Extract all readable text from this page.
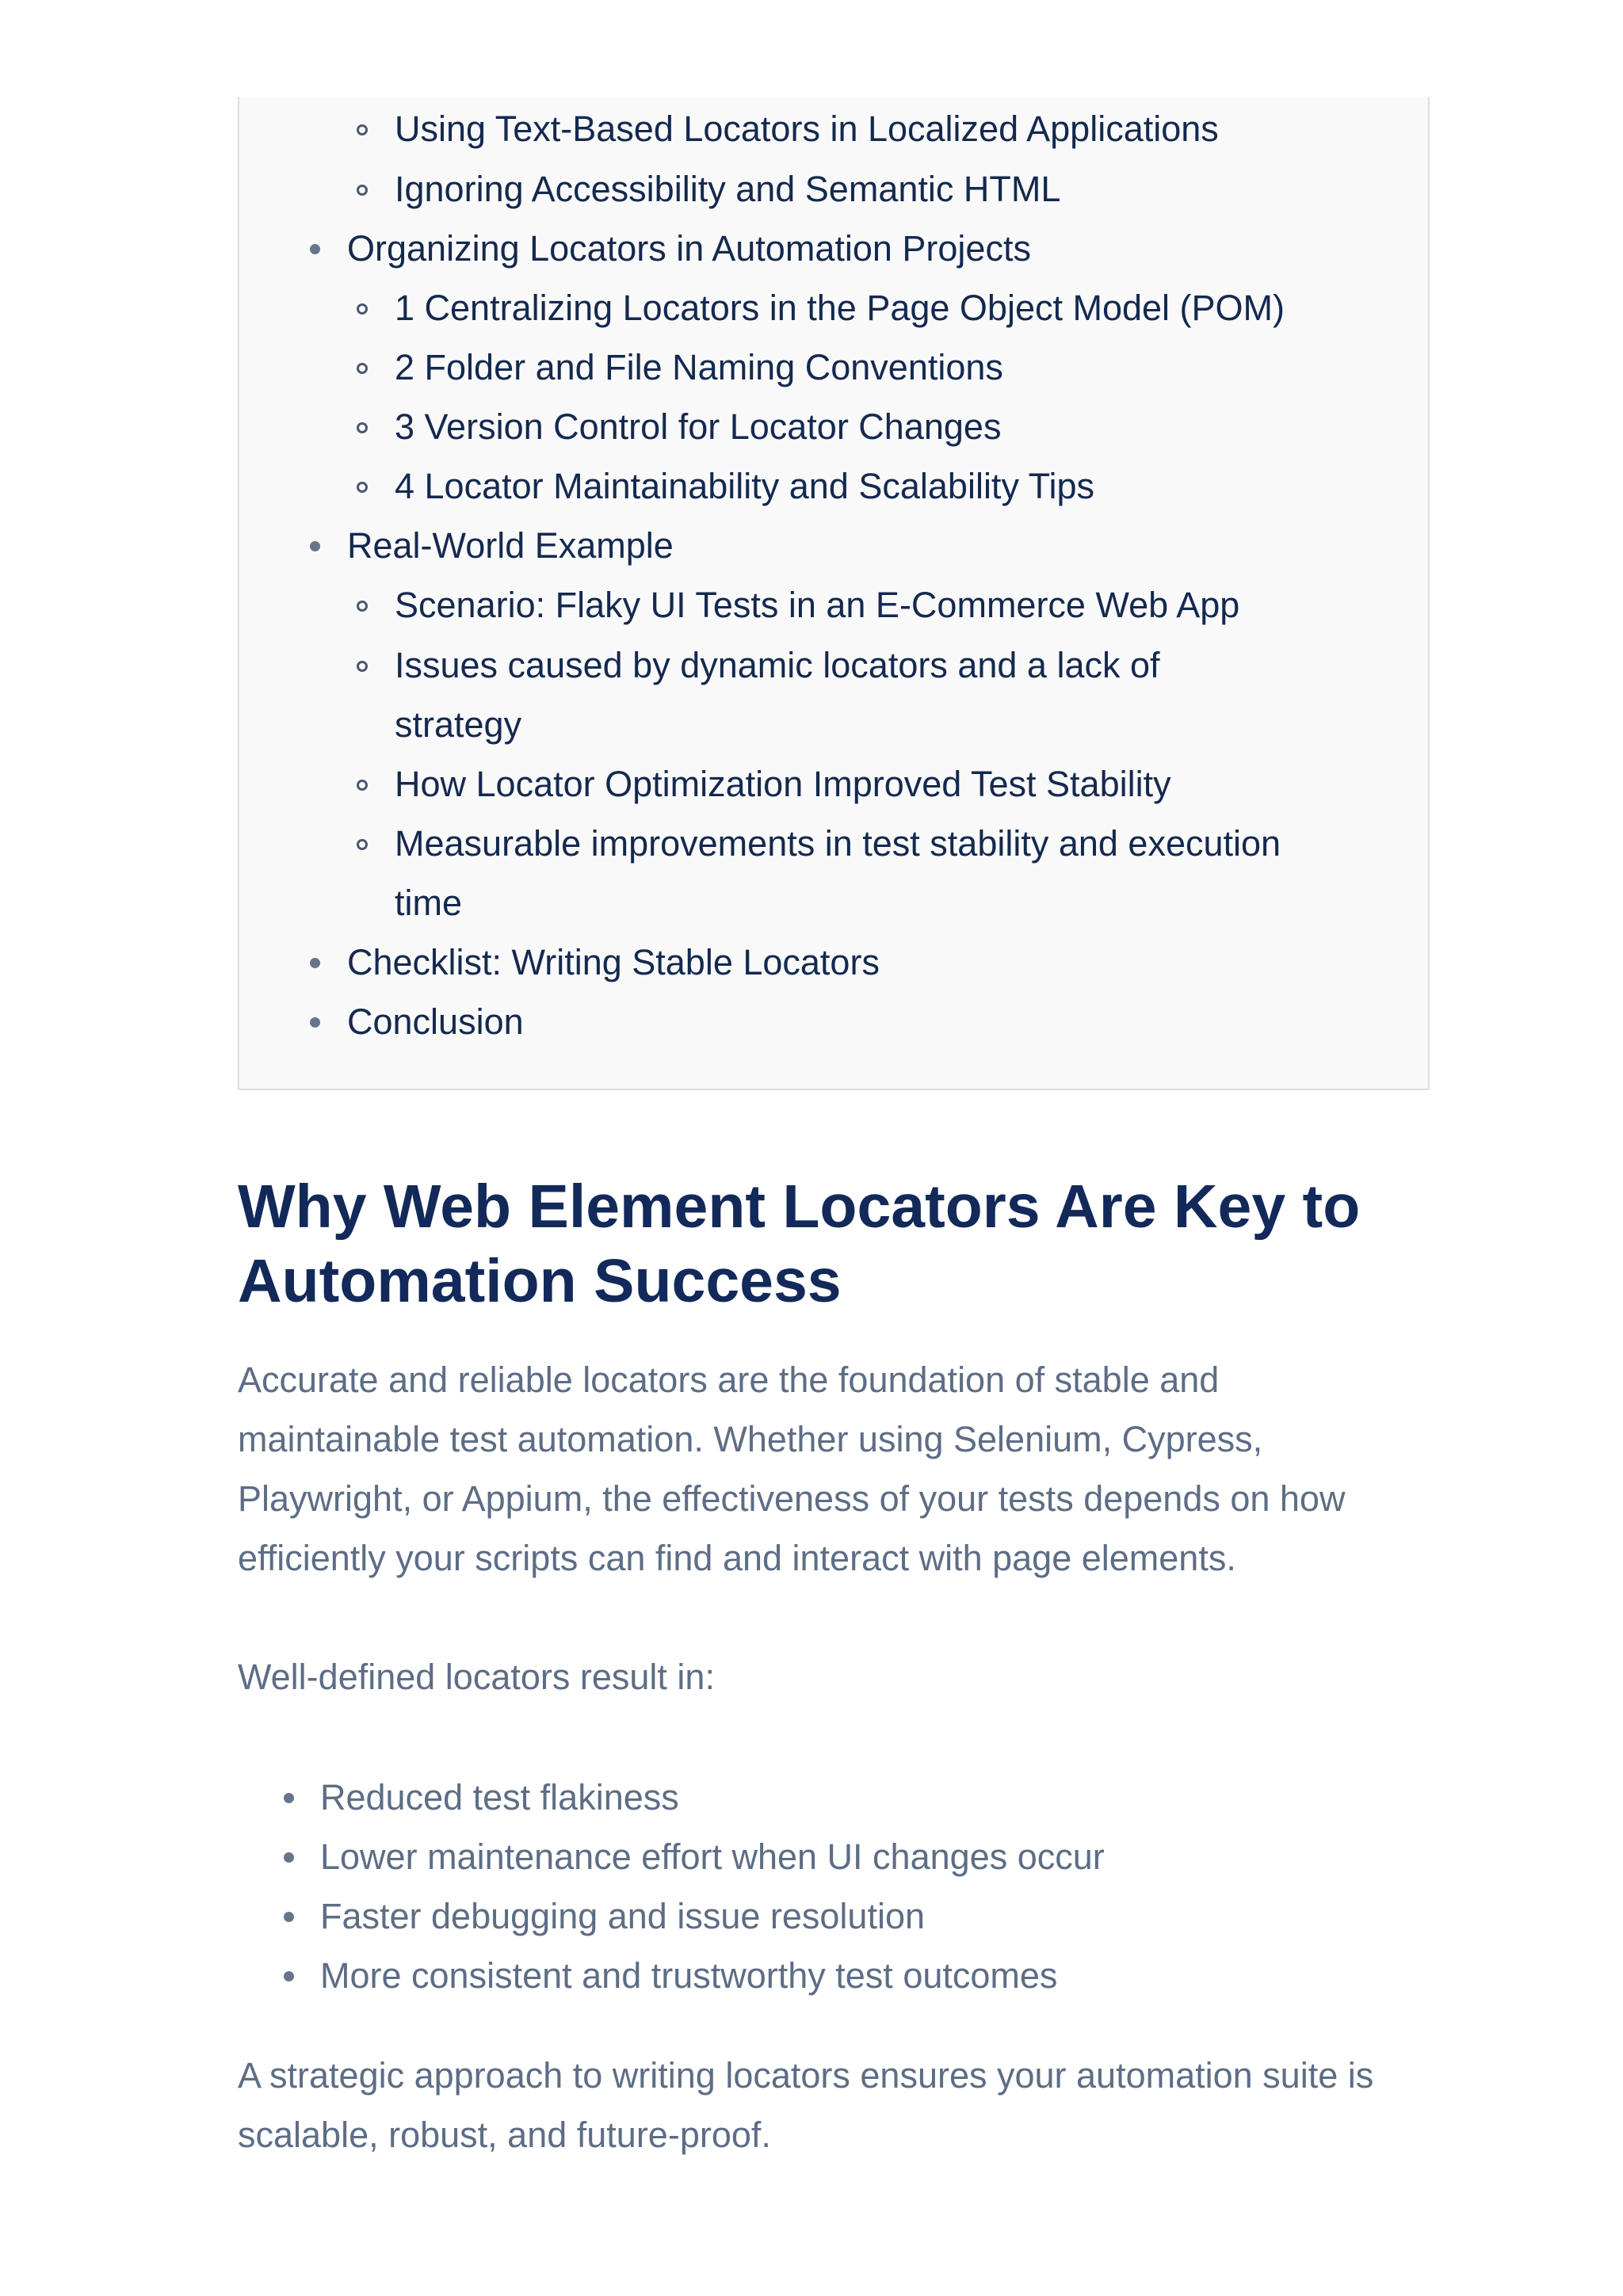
Using Text-Based Locators in Localized Applications
Ignoring Accessibility and Semantic HTML
Organizing Locators in Automation Projects
1 Centralizing Locators in the Page Object Model (POM)
2 Folder and File Naming Conventions
3 Version Control for Locator Changes
4 Locator Maintainability and Scalability Tips
Real-World Example
Scenario: Flaky UI Tests in an E-Commerce Web App
Issues caused by dynamic locators and a lack of
strategy
How Locator Optimization Improved Test Stability
Measurable improvements in test stability and execution
time
Checklist: Writing Stable Locators
Conclusion
Why Web Element Locators Are Key to Automation Success

Accurate and reliable locators are the foundation of stable and maintainable test automation. Whether using Selenium, Cypress, Playwright, or Appium, the effectiveness of your tests depends on how efficiently your scripts can find and interact with page elements.

Well-defined locators result in:

Reduced test flakiness
Lower maintenance effort when UI changes occur
Faster debugging and issue resolution
More consistent and trustworthy test outcomes

A strategic approach to writing locators ensures your automation suite is scalable, robust, and future-proof.
